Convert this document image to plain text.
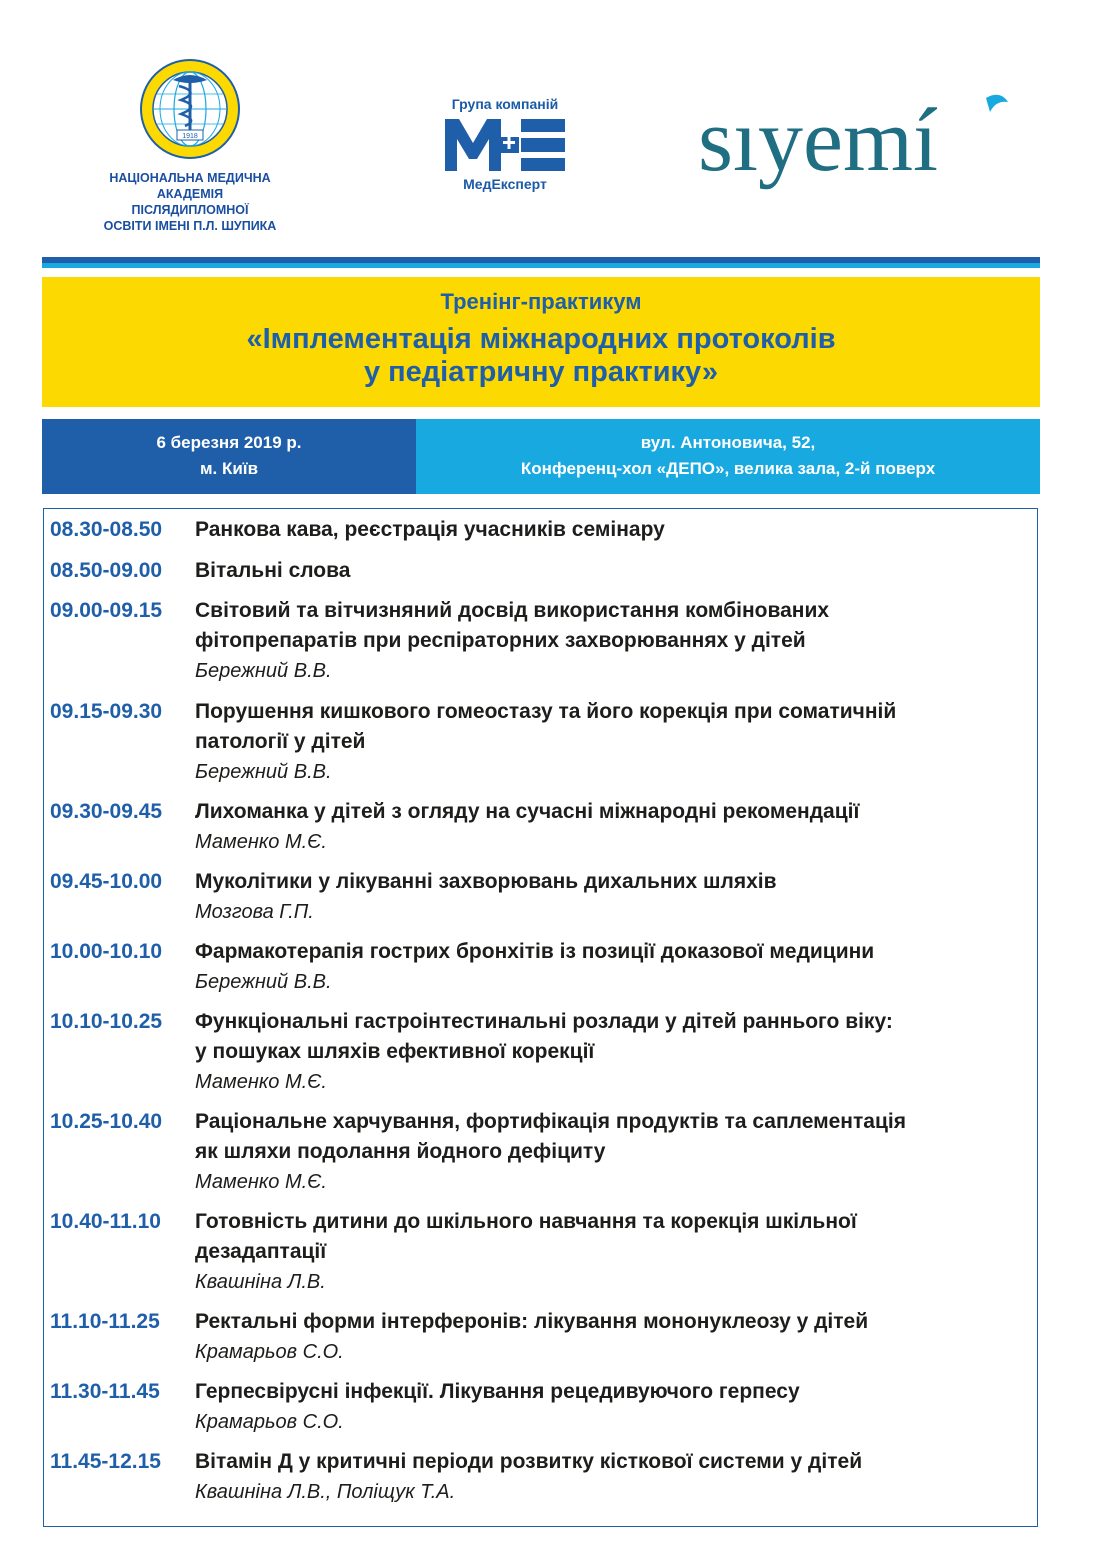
1918
НАЦІОНАЛЬНА МЕДИЧНА
АКАДЕМІЯ
ПІСЛЯДИПЛОМНОЇ
ОСВІТИ ІМЕНІ П.Л. ШУПИКА
Група компаній
МедЕксперт	sıyemí
Тренінг-практикум
«Імплементація міжнародних протоколів
у педіатричну практику»
6 березня 2019 р.
м. Київ
вул. Антоновича, 52,
Конференц-хол «ДЕПО», велика зала, 2-й поверх
08.30-08.50 Ранкова кава, реєстрація учасників семінару
08.50-09.00 Вітальні слова
09.00-09.15 Світовий та вітчизняний досвід використання комбінованих
фітопрепаратів при респіраторних захворюваннях у дітей
Бережний В.В.
09.15-09.30 Порушення кишкового гомеостазу та його корекція при соматичній
патології у дітей
Бережний В.В.
09.30-09.45 Лихоманка у дітей з огляду на сучасні міжнародні рекомендації
Маменко М.Є.
09.45-10.00 Муколітики у лікуванні захворювань дихальних шляхів
Мозгова Г.П.
10.00-10.10 Фармакотерапія гострих бронхітів із позиції доказової медицини
Бережний В.В.
10.10-10.25 Функціональні гастроінтестинальні розлади у дітей раннього віку:
у пошуках шляхів ефективної корекції
Маменко М.Є.
10.25-10.40 Раціональне харчування, фортифікація продуктів та саплементація
як шляхи подолання йодного дефіциту
Маменко М.Є.
10.40-11.10 Готовність дитини до шкільного навчання та корекція шкільної
дезадаптації
Квашніна Л.В.
11.10-11.25 Ректальні форми інтерферонів: лікування мононуклеозу у дітей
Крамарьов С.О.
11.30-11.45 Герпесвірусні інфекції. Лікування рецедивуючого герпесу
Крамарьов С.О.
11.45-12.15 Вітамін Д у критичні періоди розвитку кісткової системи у дітей
Квашніна Л.В., Поліщук Т.А.
